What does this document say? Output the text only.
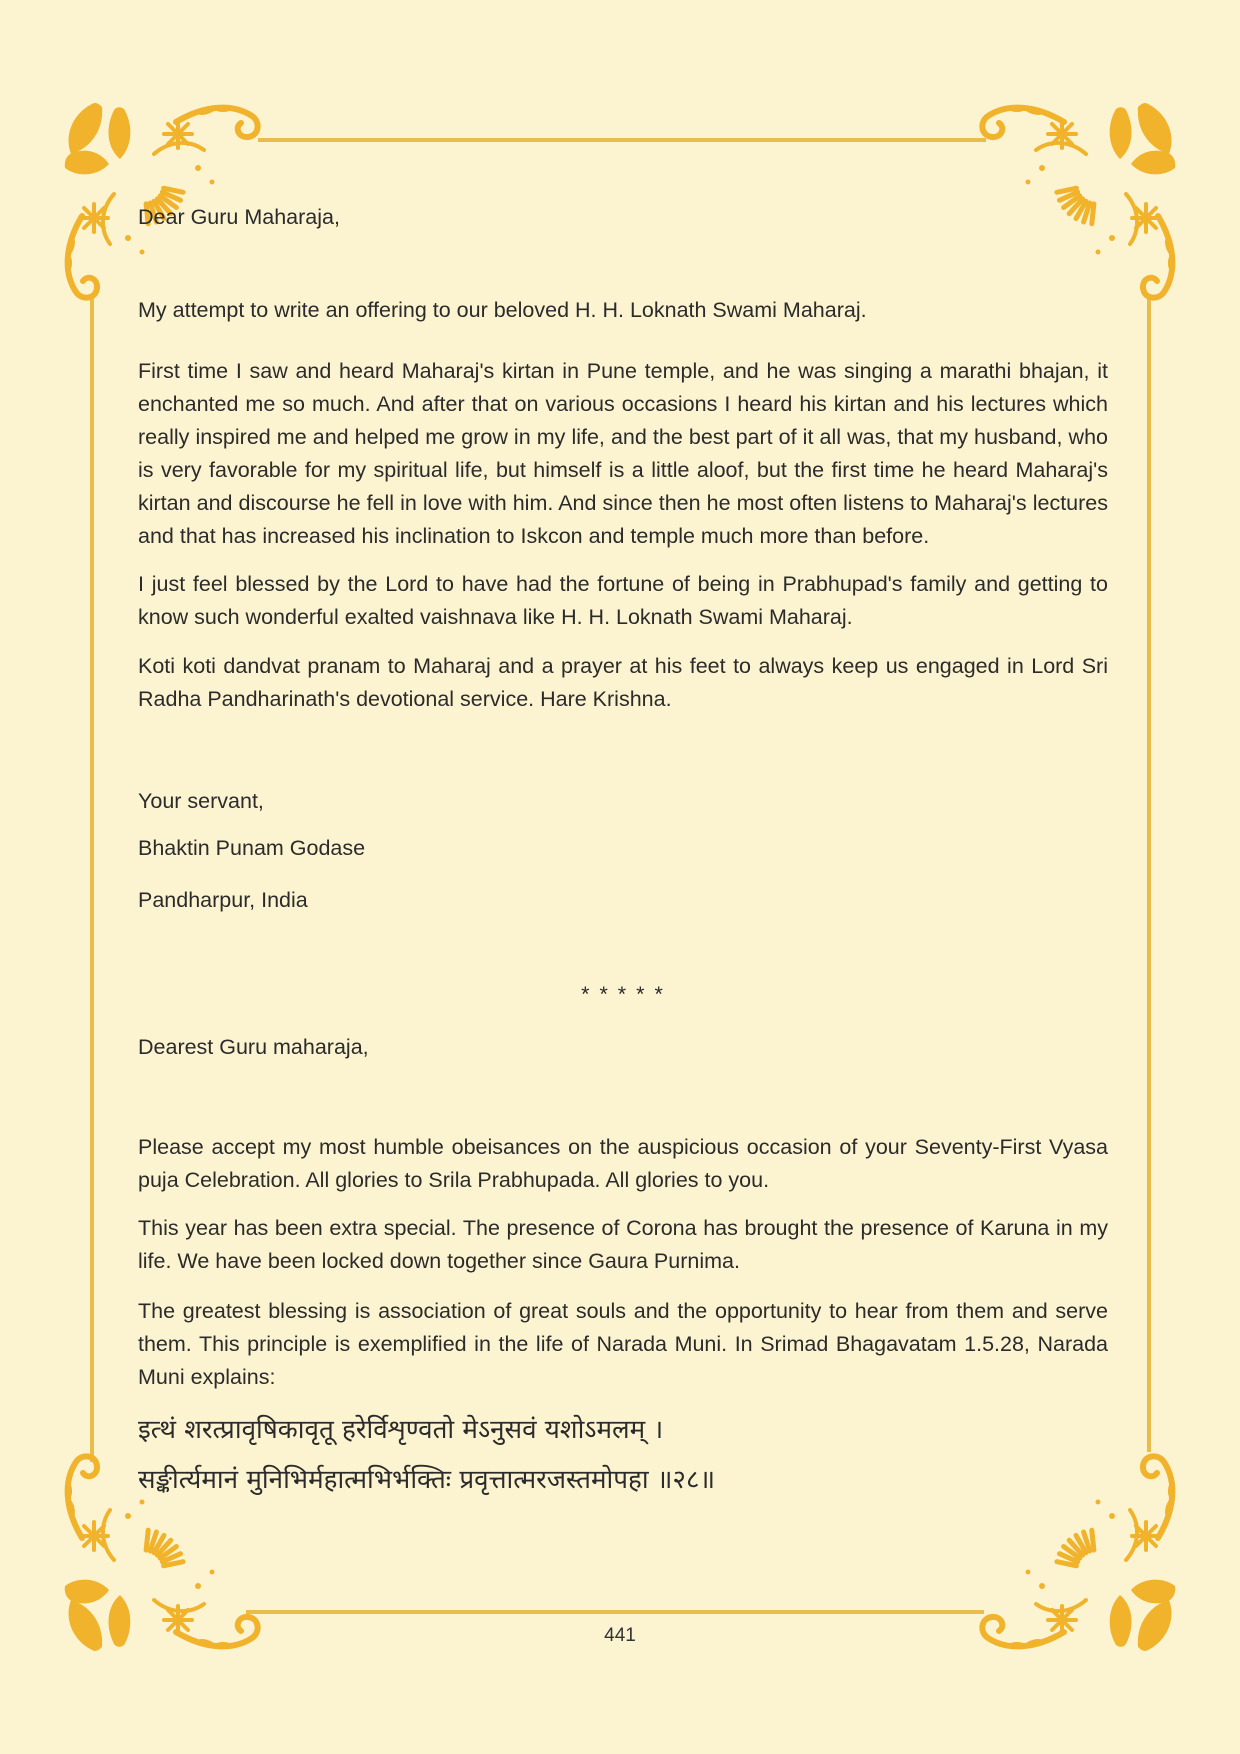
Dear Guru Maharaja,

My attempt to write an offering to our beloved H. H. Loknath Swami Maharaj.

First time I saw and heard Maharaj's kirtan in Pune temple, and he was singing a marathi bhajan, it enchanted me so much. And after that on various occasions I heard his kirtan and his lectures which really inspired me and helped me grow in my life, and the best part of it all was, that my husband, who is very favorable for my spiritual life, but himself is a little aloof, but the first time he heard Maharaj's kirtan and discourse he fell in love with him. And since then he most often listens to Maharaj's lectures and that has increased his inclination to Iskcon and temple much more than before.

I just feel blessed by the Lord to have had the fortune of being in Prabhupad's family and getting to know such wonderful exalted vaishnava like H. H. Loknath Swami Maharaj.

Koti koti dandvat pranam to Maharaj and a prayer at his feet to always keep us engaged in Lord Sri Radha Pandharinath's devotional service. Hare Krishna.

Your servant,

Bhaktin Punam Godase

Pandharpur, India

* * * * *

Dearest Guru maharaja,

Please accept my most humble obeisances on the auspicious occasion of your Seventy-First Vyasa puja Celebration. All glories to Srila Prabhupada. All glories to you.

This year has been extra special. The presence of Corona has brought the presence of Karuna in my life. We have been locked down together since Gaura Purnima.

The greatest blessing is association of great souls and the opportunity to hear from them and serve them. This principle is exemplified in the life of Narada Muni. In Srimad Bhagavatam 1.5.28, Narada Muni explains:

इत्थं शरत्प्रावृषिकावृतू हरेर्विशृण्वतो मेऽनुसवं यशोऽमलम् ।

सङ्कीर्त्यमानं मुनिभिर्महात्मभिर्भक्तिः प्रवृत्तात्मरजस्तमोपहा ॥२८॥

441
